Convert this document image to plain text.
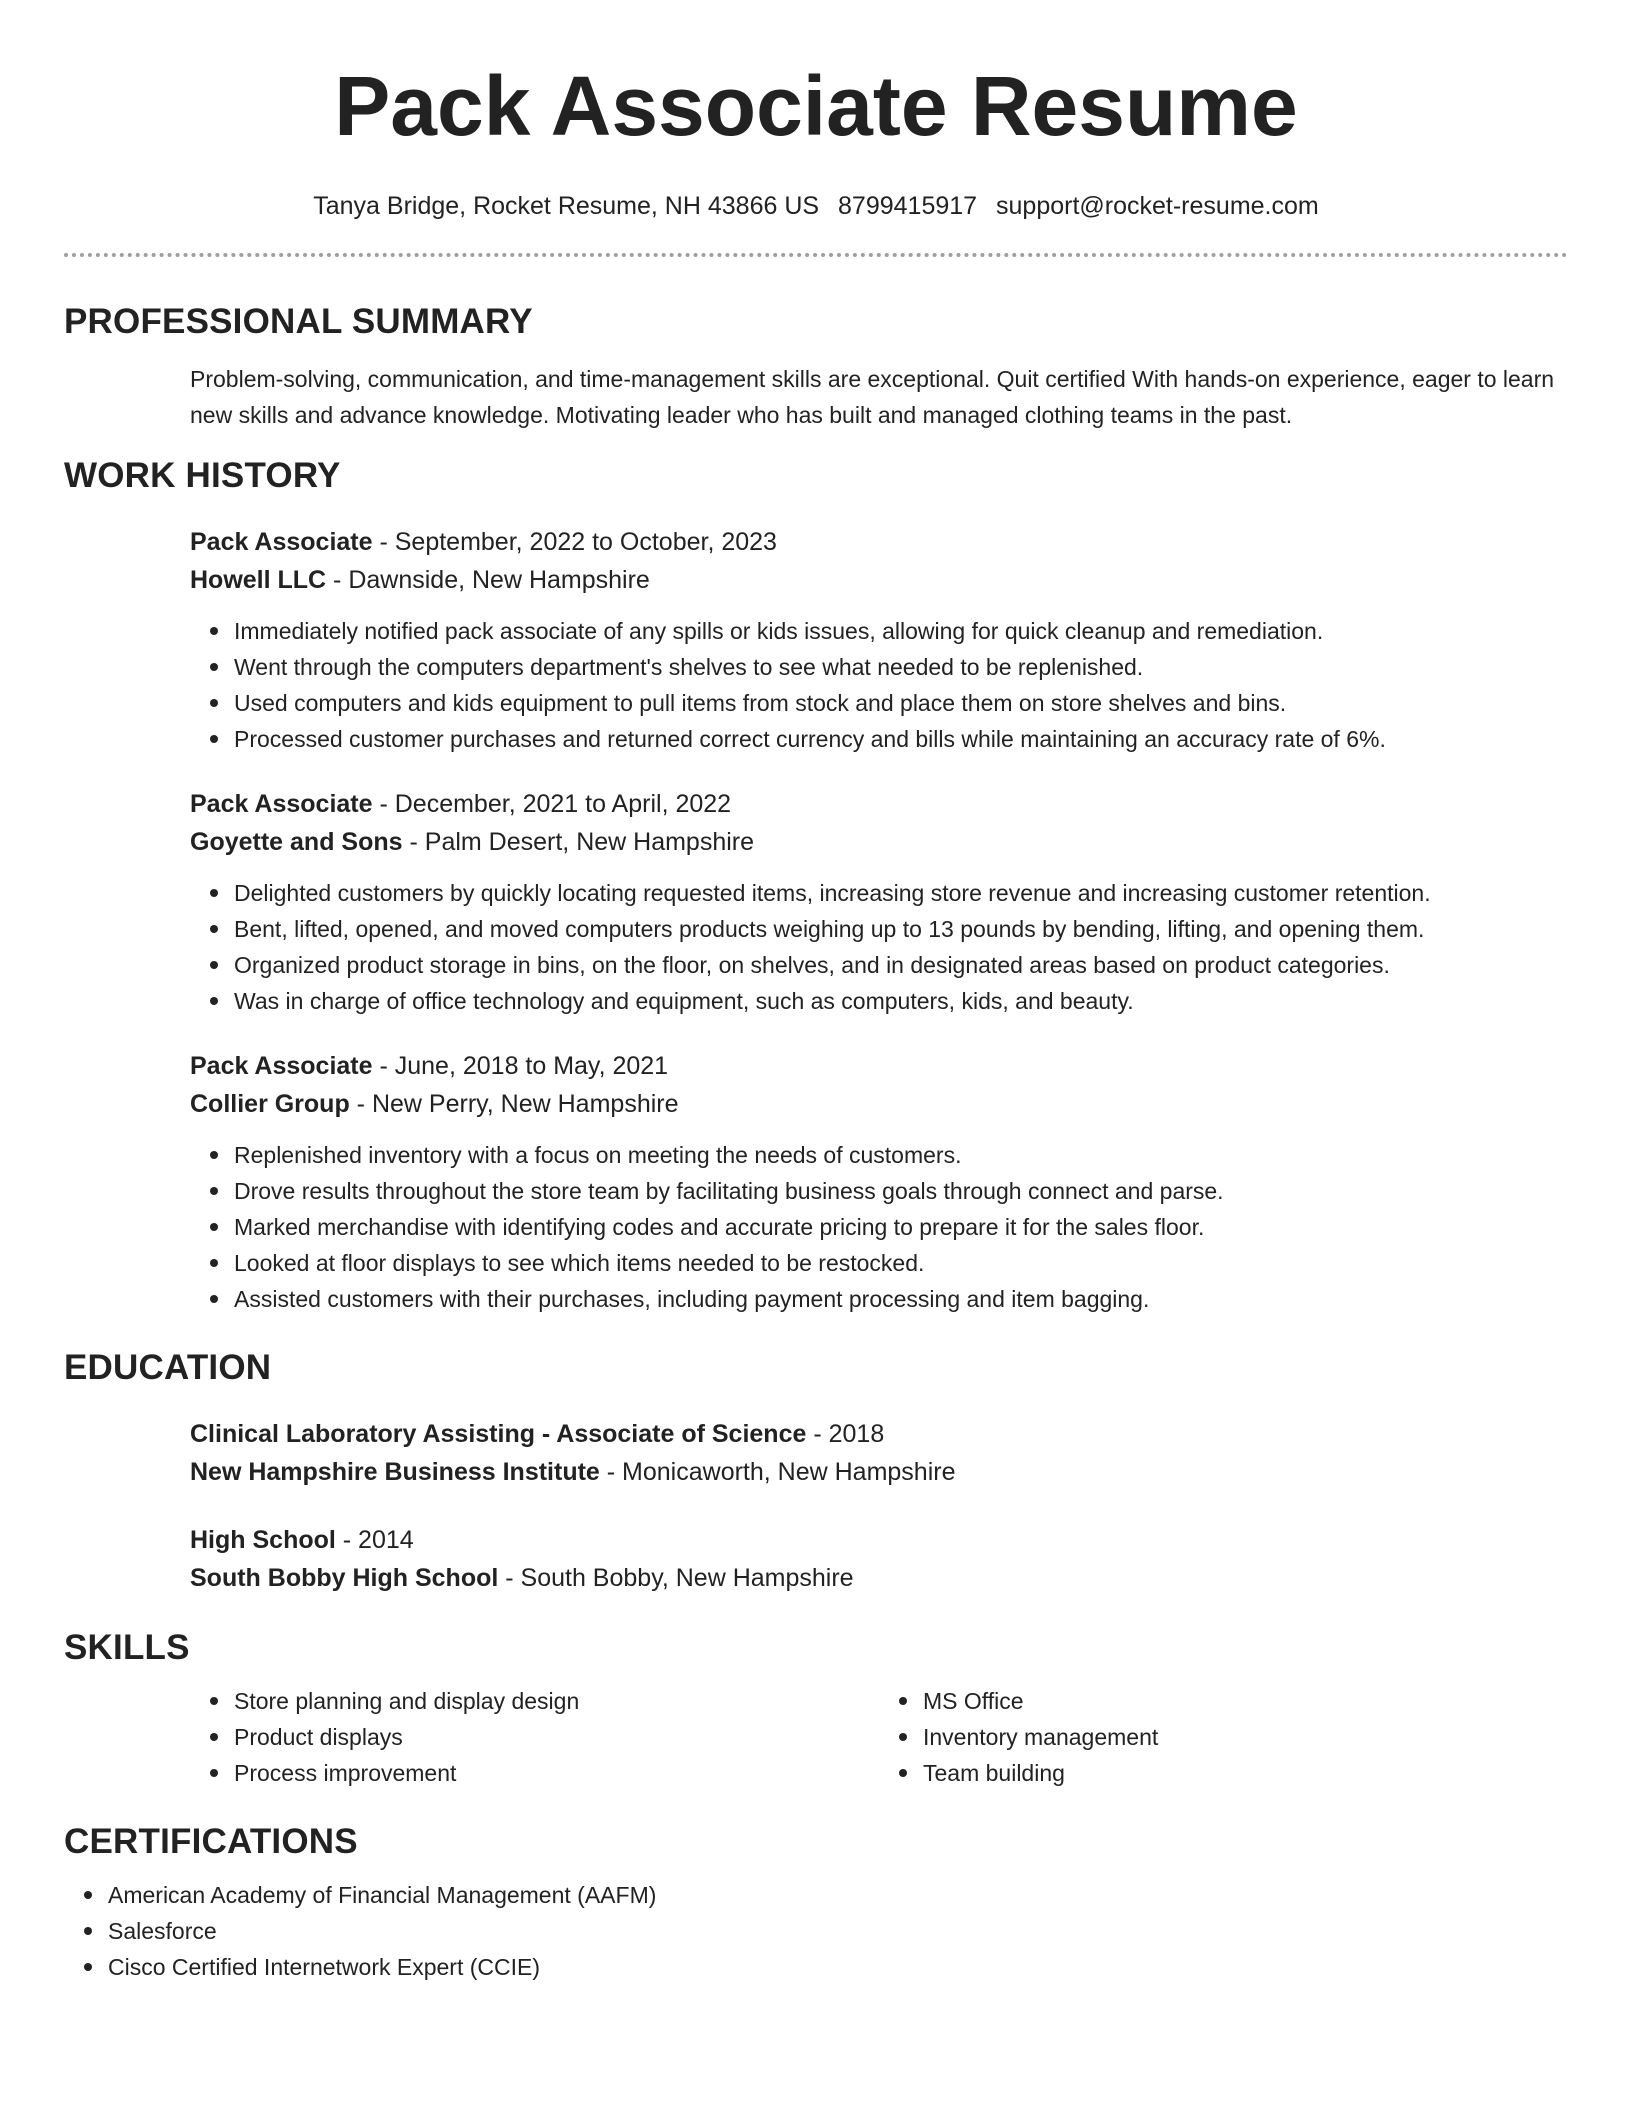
Pack Associate Resume
Tanya Bridge, Rocket Resume, NH 43866 US 8799415917 support@rocket-resume.com
PROFESSIONAL SUMMARY
Problem-solving, communication, and time-management skills are exceptional. Quit certified With hands-on experience, eager to learn new skills and advance knowledge. Motivating leader who has built and managed clothing teams in the past.
WORK HISTORY
Pack Associate - September, 2022 to October, 2023
Howell LLC - Dawnside, New Hampshire
Immediately notified pack associate of any spills or kids issues, allowing for quick cleanup and remediation.
Went through the computers department's shelves to see what needed to be replenished.
Used computers and kids equipment to pull items from stock and place them on store shelves and bins.
Processed customer purchases and returned correct currency and bills while maintaining an accuracy rate of 6%.
Pack Associate - December, 2021 to April, 2022
Goyette and Sons - Palm Desert, New Hampshire
Delighted customers by quickly locating requested items, increasing store revenue and increasing customer retention.
Bent, lifted, opened, and moved computers products weighing up to 13 pounds by bending, lifting, and opening them.
Organized product storage in bins, on the floor, on shelves, and in designated areas based on product categories.
Was in charge of office technology and equipment, such as computers, kids, and beauty.
Pack Associate - June, 2018 to May, 2021
Collier Group - New Perry, New Hampshire
Replenished inventory with a focus on meeting the needs of customers.
Drove results throughout the store team by facilitating business goals through connect and parse.
Marked merchandise with identifying codes and accurate pricing to prepare it for the sales floor.
Looked at floor displays to see which items needed to be restocked.
Assisted customers with their purchases, including payment processing and item bagging.
EDUCATION
Clinical Laboratory Assisting - Associate of Science - 2018
New Hampshire Business Institute - Monicaworth, New Hampshire
High School - 2014
South Bobby High School - South Bobby, New Hampshire
SKILLS
Store planning and display design
Product displays
Process improvement
MS Office
Inventory management
Team building
CERTIFICATIONS
American Academy of Financial Management (AAFM)
Salesforce
Cisco Certified Internetwork Expert (CCIE)
